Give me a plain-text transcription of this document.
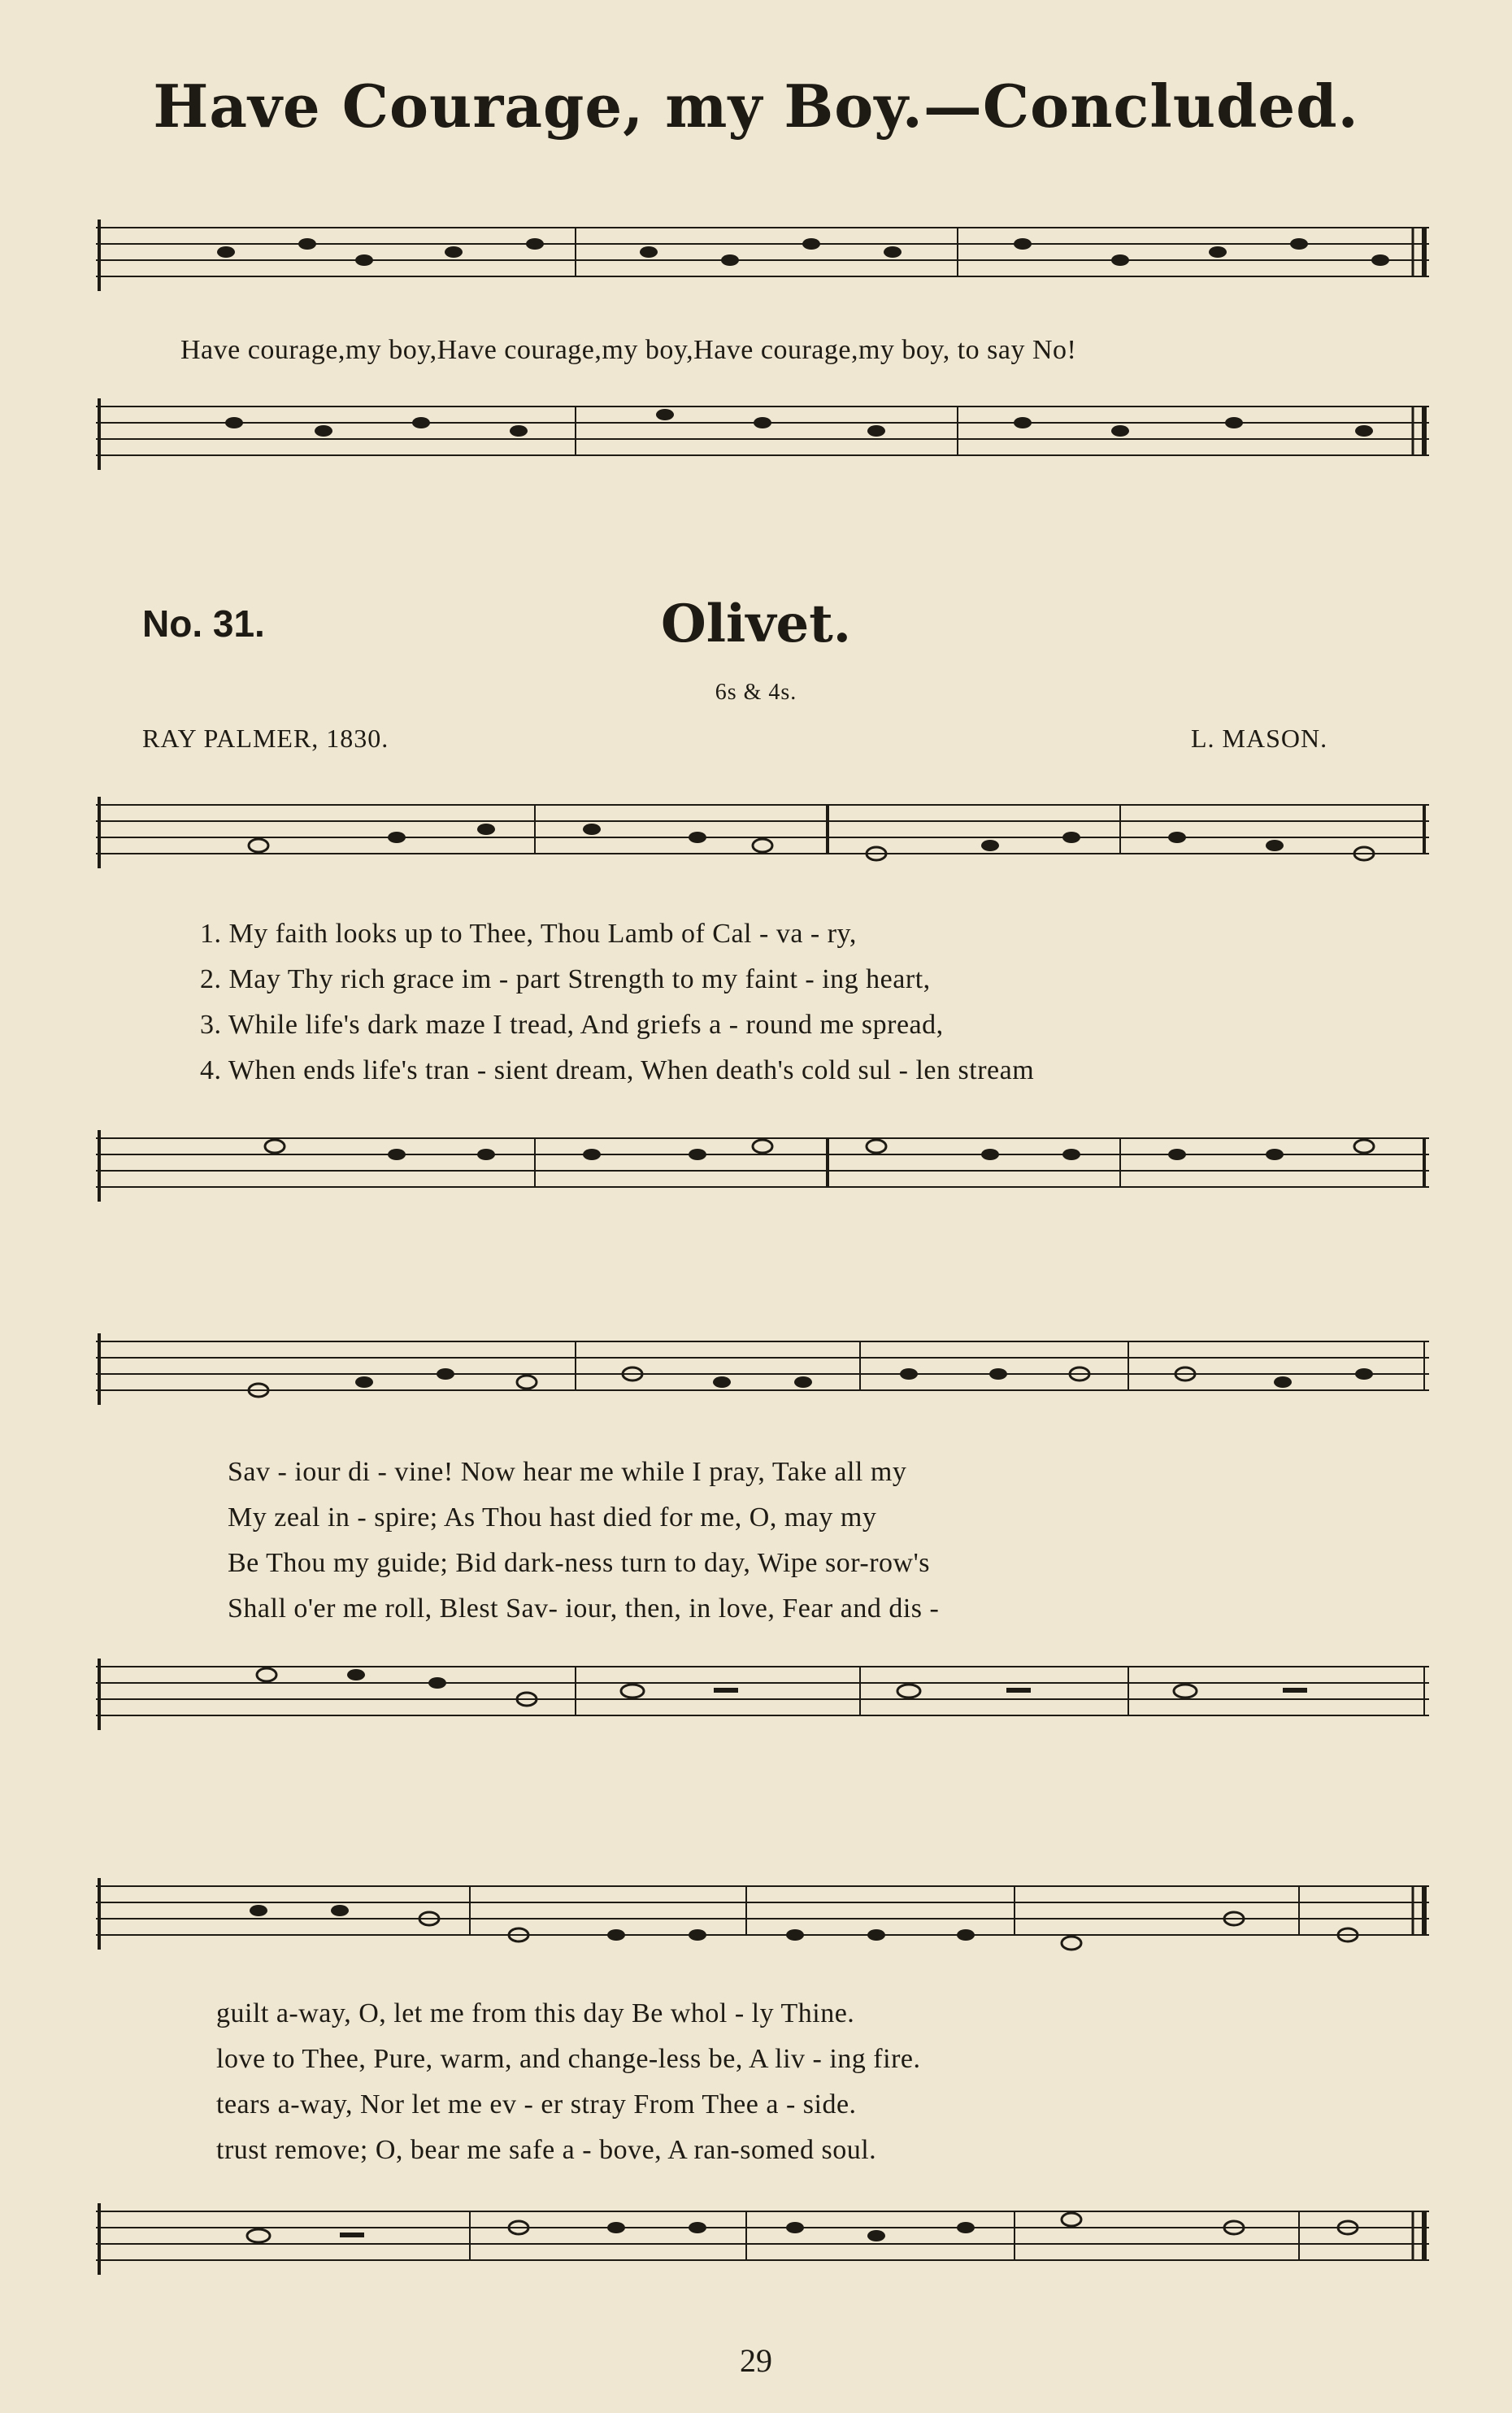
Have Courage, my Boy.—Concluded.
Have courage,my boy,Have courage,my boy,Have courage,my boy, to say No!
No. 31.	Olivet.
6s & 4s.
RAY PALMER, 1830.	L. MASON.
1. My faith looks up to Thee, Thou Lamb of Cal - va - ry,
2. May Thy rich grace im - part Strength to my faint - ing heart,
3. While life's dark maze I tread, And griefs a - round me spread,
4. When ends life's tran - sient dream, When death's cold sul - len stream
Sav - iour di - vine! Now hear me while I pray, Take all my
My zeal in - spire; As Thou hast died for me, O, may my
Be Thou my guide; Bid dark-ness turn to day, Wipe sor-row's
Shall o'er me roll, Blest Sav- iour, then, in love, Fear and dis -
guilt a-way, O, let me from this day Be whol - ly Thine.
love to Thee, Pure, warm, and change-less be, A liv - ing fire.
tears a-way, Nor let me ev - er stray From Thee a - side.
trust remove; O, bear me safe a - bove, A ran-somed soul.
29
